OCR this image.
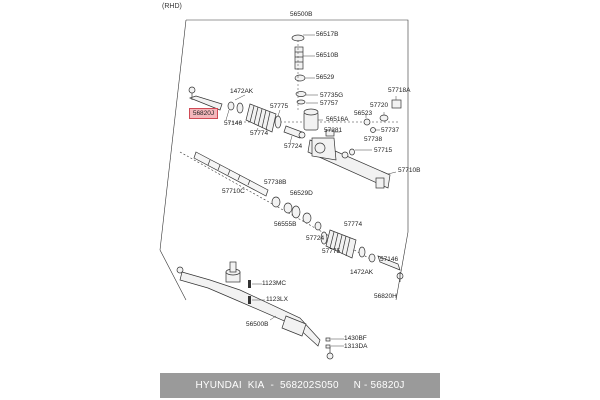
(RHD)
56820J
56500B
56517B
56510B
56529
57735G
57757
1472AK
57146
57775
57774
57724
56516A
57281
57718A
57720
56523
57737
57738
57715
57710B
57710C
57738B
56529D
56555B
57724
57774
57775
1472AK
57146
56820H
1123MC
1123LX
56500B
1430BF
1313DA
HYUNDAI  KIA - 568202S050
N - 56820J
